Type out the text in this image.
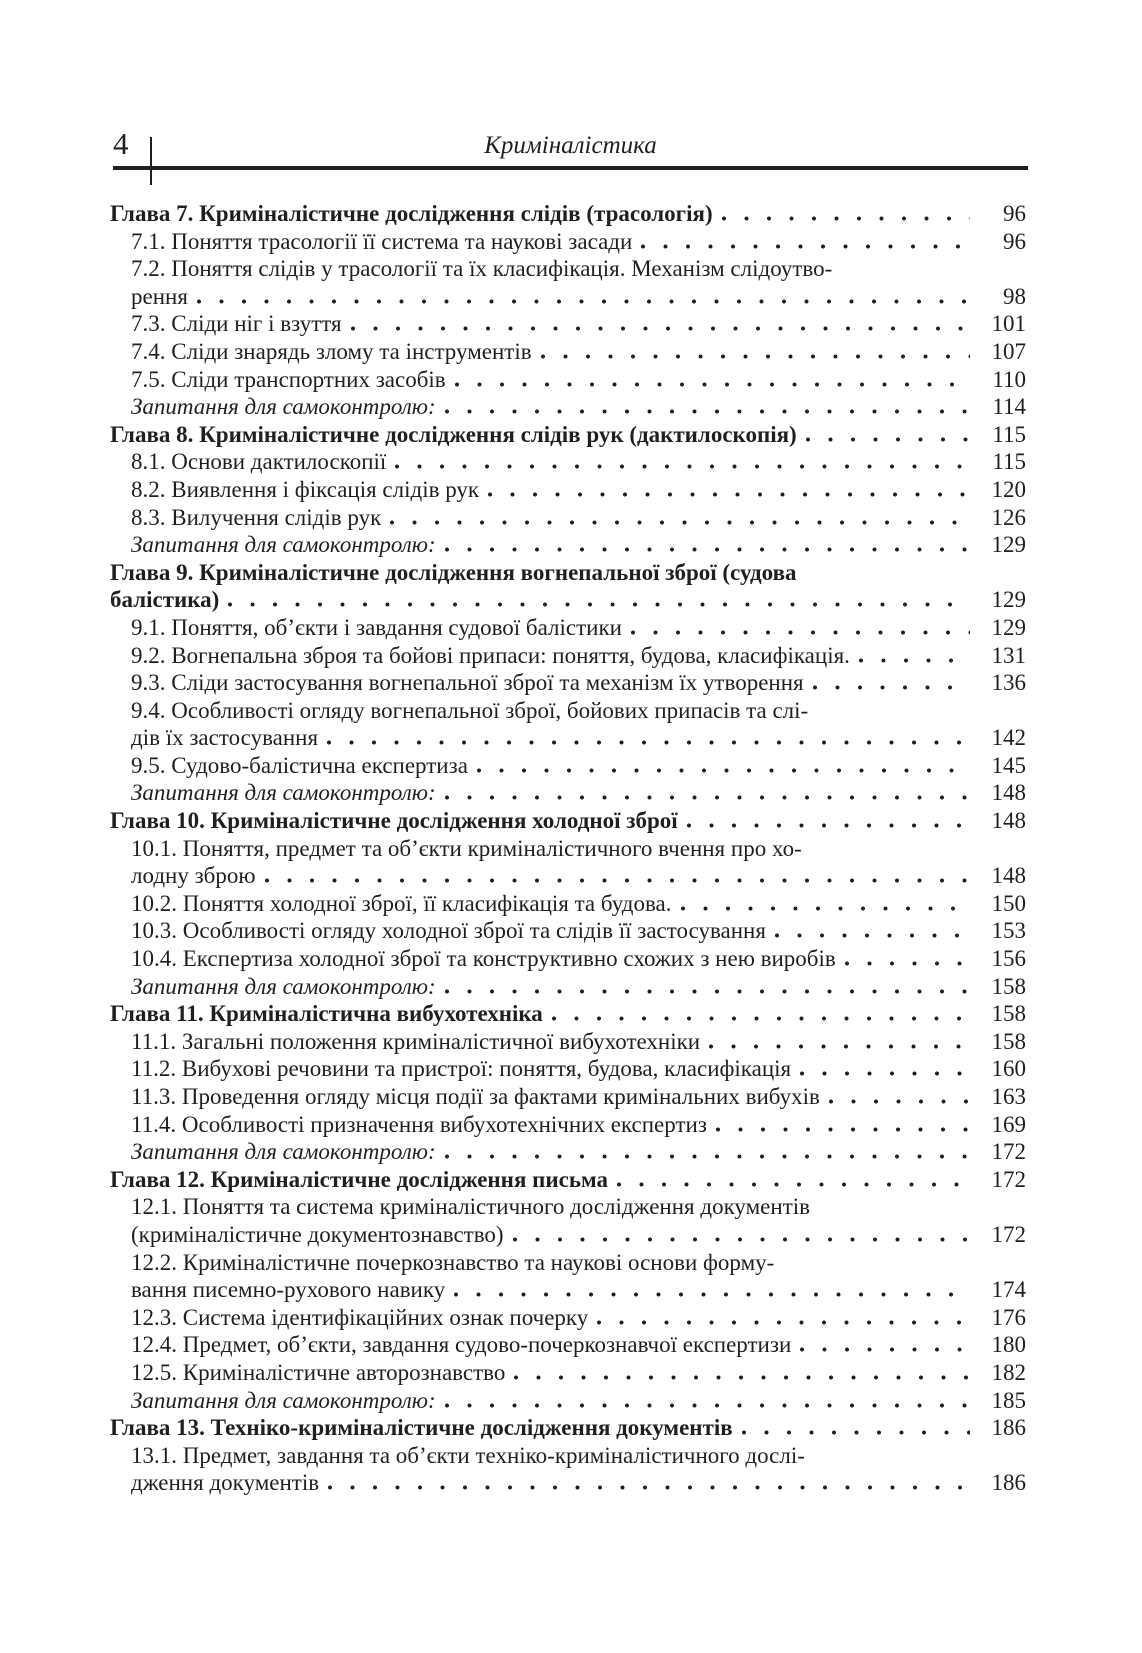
4	Криміналістика
Глава 7. Криміналістичне дослідження слідів (трасологія)	96
7.1. Поняття трасології її система та наукові засади	96
7.2. Поняття слідів у трасології та їх класифікація. Механізм слідоутво-
рення	98
7.3. Сліди ніг і взуття	101
7.4. Сліди знарядь злому та інструментів	107
7.5. Сліди транспортних засобів	110
Запитання для самоконтролю:	114
Глава 8. Криміналістичне дослідження слідів рук (дактилоскопія)	115
8.1. Основи дактилоскопії	115
8.2. Виявлення і фіксація слідів рук	120
8.3. Вилучення слідів рук	126
Запитання для самоконтролю:	129
Глава 9. Криміналістичне дослідження вогнепальної зброї (судова
балістика)	129
9.1. Поняття, об’єкти і завдання судової балістики	129
9.2. Вогнепальна зброя та бойові припаси: поняття, будова, класифікація.	131
9.3. Сліди застосування вогнепальної зброї та механізм їх утворення	136
9.4. Особливості огляду вогнепальної зброї, бойових припасів та слі-
дів їх застосування	142
9.5. Судово-балістична експертиза	145
Запитання для самоконтролю:	148
Глава 10. Криміналістичне дослідження холодної зброї	148
10.1. Поняття, предмет та об’єкти криміналістичного вчення про хо-
лодну зброю	148
10.2. Поняття холодної зброї, її класифікація та будова.	150
10.3. Особливості огляду холодної зброї та слідів її застосування	153
10.4. Експертиза холодної зброї та конструктивно схожих з нею виробів	156
Запитання для самоконтролю:	158
Глава 11. Криміналістична вибухотехніка	158
11.1. Загальні положення криміналістичної вибухотехніки	158
11.2. Вибухові речовини та пристрої: поняття, будова, класифікація	160
11.3. Проведення огляду місця події за фактами кримінальних вибухів	163
11.4. Особливості призначення вибухотехнічних експертиз	169
Запитання для самоконтролю:	172
Глава 12. Криміналістичне дослідження письма	172
12.1. Поняття та система криміналістичного дослідження документів
(криміналістичне документознавство)	172
12.2. Криміналістичне почеркознавство та наукові основи форму-
вання писемно-рухового навику	174
12.3. Система ідентифікаційних ознак почерку	176
12.4. Предмет, об’єкти, завдання судово-почеркознавчої експертизи	180
12.5. Криміналістичне авторознавство	182
Запитання для самоконтролю:	185
Глава 13. Техніко-криміналістичне дослідження документів	186
13.1. Предмет, завдання та об’єкти техніко-криміналістичного дослі-
дження документів	186
